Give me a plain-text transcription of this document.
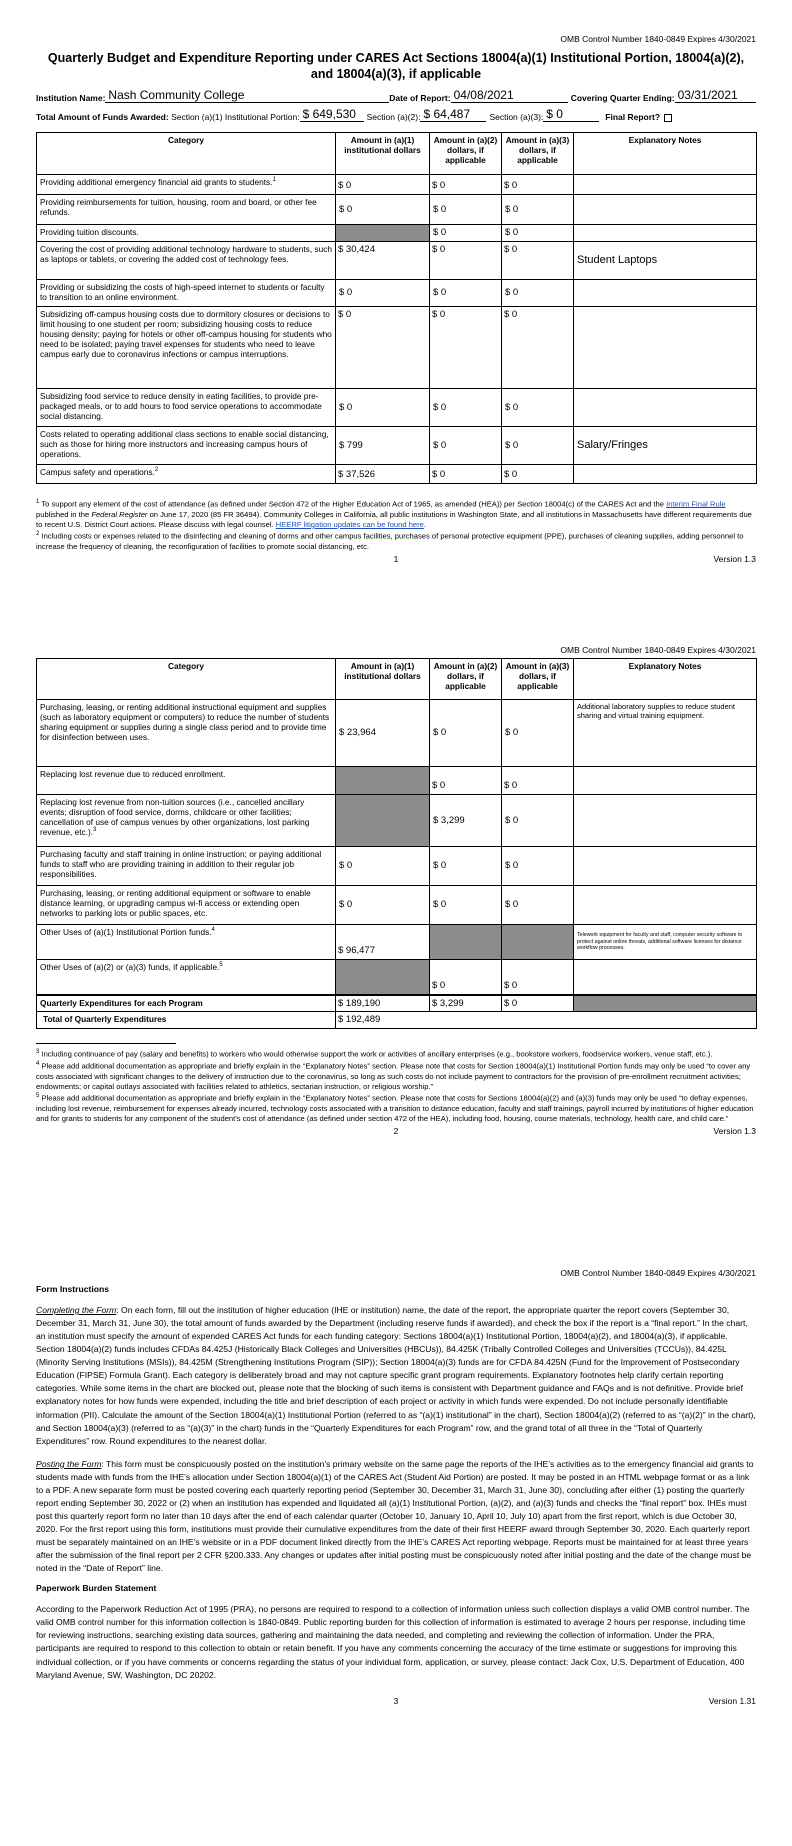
OMB Control Number 1840-0849 Expires 4/30/2021
Quarterly Budget and Expenditure Reporting under CARES Act Sections 18004(a)(1) Institutional Portion, 18004(a)(2), and 18004(a)(3), if applicable
Institution Name: Nash Community College	Date of Report: 04/08/2021	Covering Quarter Ending: 03/31/2021
Total Amount of Funds Awarded:
Section (a)(1) Institutional Portion: $ 649,530	Section (a)(2): $ 64,487	Section (a)(3): $ 0	Final Report?
Category	Amount in (a)(1) institutional dollars	Amount in (a)(2) dollars, if applicable	Amount in (a)(3) dollars, if applicable	Explanatory Notes
Providing additional emergency financial aid grants to students.$^1$	$ 0	$ 0	$ 0	
Providing reimbursements for tuition, housing, room and board, or other fee refunds.	$ 0	$ 0	$ 0	
Providing tuition discounts.		$ 0	$ 0	
Covering the cost of providing additional technology hardware to students, such as laptops or tablets, or covering the added cost of technology fees.	$ 30,424	$ 0	$ 0	Student Laptops
Providing or subsidizing the costs of high-speed internet to students or faculty to transition to an online environment.	$ 0	$ 0	$ 0	
Subsidizing off-campus housing costs due to dormitory closures or decisions to limit housing to one student per room; subsidizing housing costs to reduce housing density; paying for hotels or other off-campus housing for students who need to be isolated; paying travel expenses for students who need to leave campus early due to coronavirus infections or campus interruptions.	$ 0	$ 0	$ 0	
Subsidizing food service to reduce density in eating facilities, to provide pre-packaged meals, or to add hours to food service operations to accommodate social distancing.	$ 0	$ 0	$ 0	
Costs related to operating additional class sections to enable social distancing, such as those for hiring more instructors and increasing campus hours of operations.	$ 799	$ 0	$ 0	Salary/Fringes
Campus safety and operations.$^2$	$ 37,526	$ 0	$ 0	
$^1$ To support any element of the cost of attendance (as defined under Section 472 of the Higher Education Act of 1965, as amended (HEA)) per Section 18004(c) of the CARES Act and the Interim Final Rule published in the Federal Register on June 17, 2020 (85 FR 36494). Community Colleges in California, all public institutions in Washington State, and all institutions in Massachusetts have different requirements due to recent U.S. District Court actions. Please discuss with legal counsel. HEERF litigation updates can be found here.
$^2$ Including costs or expenses related to the disinfecting and cleaning of dorms and other campus facilities, purchases of personal protective equipment (PPE), purchases of cleaning supplies, adding personnel to increase the frequency of cleaning, the reconfiguration of facilities to promote social distancing, etc.
1	Version 1.3
OMB Control Number 1840-0849 Expires 4/30/2021
Category	Amount in (a)(1) institutional dollars	Amount in (a)(2) dollars, if applicable	Amount in (a)(3) dollars, if applicable	Explanatory Notes
Purchasing, leasing, or renting additional instructional equipment and supplies (such as laboratory equipment or computers) to reduce the number of students sharing equipment or supplies during a single class period and to provide time for disinfection between uses.	$ 23,964	$ 0	$ 0	Additional laboratory supplies to reduce student sharing and virtual training equipment.
Replacing lost revenue due to reduced enrollment.		$ 0	$ 0	
Replacing lost revenue from non-tuition sources (i.e., cancelled ancillary events; disruption of food service, dorms, childcare or other facilities; cancellation of use of campus venues by other organizations, lost parking revenue, etc.).$^3$		$ 3,299	$ 0	
Purchasing faculty and staff training in online instruction; or paying additional funds to staff who are providing training in addition to their regular job responsibilities.	$ 0	$ 0	$ 0	
Purchasing, leasing, or renting additional equipment or software to enable distance learning, or upgrading campus wi-fi access or extending open networks to parking lots or public spaces, etc.	$ 0	$ 0	$ 0	
Other Uses of (a)(1) Institutional Portion funds.$^4$	$ 96,477			Telework equipment for faculty and staff, computer security software to protect against online threats, additional software licenses for distance workflow processes.
Other Uses of (a)(2) or (a)(3) funds, if applicable.$^5$		$ 0	$ 0	
Quarterly Expenditures for each Program	$ 189,190	$ 3,299	$ 0	
Total of Quarterly Expenditures	$ 192,489			
$^3$ Including continuance of pay (salary and benefits) to workers who would otherwise support the work or activities of ancillary enterprises (e.g., bookstore workers, foodservice workers, venue staff, etc.).
$^4$ Please add additional documentation as appropriate and briefly explain in the “Explanatory Notes” section. Please note that costs for Section 18004(a)(1) Institutional Portion funds may only be used “to cover any costs associated with significant changes to the delivery of instruction due to the coronavirus, so long as such costs do not include payment to contractors for the provision of pre-enrollment recruitment activities; endowments; or capital outlays associated with facilities related to athletics, sectarian instruction, or religious worship.”
$^5$ Please add additional documentation as appropriate and briefly explain in the “Explanatory Notes” section. Please note that costs for Sections 18004(a)(2) and (a)(3) funds may only be used “to defray expenses, including lost revenue, reimbursement for expenses already incurred, technology costs associated with a transition to distance education, faculty and staff trainings, payroll incurred by institutions of higher education and for grants to students for any component of the student’s cost of attendance (as defined under section 472 of the HEA), including food, housing, course materials, technology, health care, and child care.”
2	Version 1.3
OMB Control Number 1840-0849 Expires 4/30/2021
Form Instructions
Completing the Form: On each form, fill out the institution of higher education (IHE or institution) name, the date of the report, the appropriate quarter the report covers (September 30, December 31, March 31, June 30), the total amount of funds awarded by the Department (including reserve funds if awarded), and check the box if the report is a “final report.” In the chart, an institution must specify the amount of expended CARES Act funds for each funding category: Sections 18004(a)(1) Institutional Portion, 18004(a)(2), and 18004(a)(3), if applicable. Section 18004(a)(2) funds includes CFDAs 84.425J (Historically Black Colleges and Universities (HBCUs)), 84.425K (Tribally Controlled Colleges and Universities (TCCUs)), 84.425L (Minority Serving Institutions (MSIs)), 84.425M (Strengthening Institutions Program (SIP)); Section 18004(a)(3) funds are for CFDA 84.425N (Fund for the Improvement of Postsecondary Education (FIPSE) Formula Grant). Each category is deliberately broad and may not capture specific grant program requirements. Explanatory footnotes help clarify certain reporting categories. While some items in the chart are blocked out, please note that the blocking of such items is consistent with Department guidance and FAQs and is not definitive. Provide brief explanatory notes for how funds were expended, including the title and brief description of each project or activity in which funds were expended. Do not include personally identifiable information (PII). Calculate the amount of the Section 18004(a)(1) Institutional Portion (referred to as “(a)(1) institutional” in the chart), Section 18004(a)(2) (referred to as “(a)(2)” in the chart), and Section 18004(a)(3) (referred to as “(a)(3)” in the chart) funds in the “Quarterly Expenditures for each Program” row, and the grand total of all three in the “Total of Quarterly Expenditures” row. Round expenditures to the nearest dollar.
Posting the Form: This form must be conspicuously posted on the institution’s primary website on the same page the reports of the IHE’s activities as to the emergency financial aid grants to students made with funds from the IHE’s allocation under Section 18004(a)(1) of the CARES Act (Student Aid Portion) are posted. It may be posted in an HTML webpage format or as a link to a PDF. A new separate form must be posted covering each quarterly reporting period (September 30, December 31, March 31, June 30), concluding after either (1) posting the quarterly report ending September 30, 2022 or (2) when an institution has expended and liquidated all (a)(1) Institutional Portion, (a)(2), and (a)(3) funds and checks the “final report” box. IHEs must post this quarterly report form no later than 10 days after the end of each calendar quarter (October 10, January 10, April 10, July 10) apart from the first report, which is due October 30, 2020. For the first report using this form, institutions must provide their cumulative expenditures from the date of their first HEERF award through September 30, 2020. Each quarterly report must be separately maintained on an IHE’s website or in a PDF document linked directly from the IHE’s CARES Act reporting webpage. Reports must be maintained for at least three years after the submission of the final report per 2 CFR §200.333. Any changes or updates after initial posting must be conspicuously noted after initial posting and the date of the change must be noted in the “Date of Report” line.
Paperwork Burden Statement
According to the Paperwork Reduction Act of 1995 (PRA), no persons are required to respond to a collection of information unless such collection displays a valid OMB control number. The valid OMB control number for this information collection is 1840-0849. Public reporting burden for this collection of information is estimated to average 2 hours per response, including time for reviewing instructions, searching existing data sources, gathering and maintaining the data needed, and completing and reviewing the collection of information. Under the PRA, participants are required to respond to this collection to obtain or retain benefit. If you have any comments concerning the accuracy of the time estimate or suggestions for improving this individual collection, or if you have comments or concerns regarding the status of your individual form, application, or survey, please contact: Jack Cox, U.S. Department of Education, 400 Maryland Avenue, SW, Washington, DC 20202.
3	Version 1.31
